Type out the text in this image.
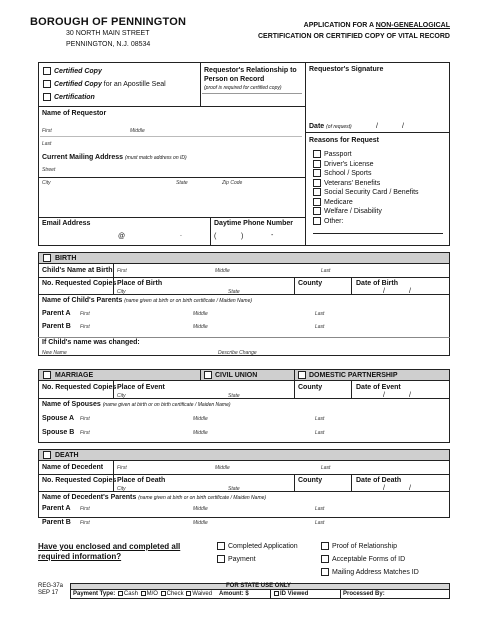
BOROUGH OF PENNINGTON
30 NORTH MAIN STREET
PENNINGTON, N.J. 08534
APPLICATION FOR A NON-GENEALOGICAL
CERTIFICATION OR CERTIFIED COPY OF VITAL RECORD
Certified Copy
Certified Copy for an Apostille Seal
Certification
Requestor's Relationship to Person on Record
(proof is required for certified copy)
Requestor's Signature
Date (of request)	/	/
Name of Requestor
First	Middle
Last
Current Mailing Address (must match address on ID)
Street
City	State	Zip Code
Email Address
@	.
Daytime Phone Number
(	)	-
Reasons for Request
Passport
Driver's License
School / Sports
Veterans' Benefits
Social Security Card / Benefits
Medicare
Welfare / Disability
Other:
BIRTH
Child's Name at Birth First	Middle	Last
No. Requested Copies Place of Birth
City	State
County	Date of Birth
/	/
Name of Child's Parents (name given at birth or on birth certificate / Maiden Name)
Parent A First	Middle	Last
Parent B First	Middle	Last
If Child's name was changed:
New Name	Describe Change
MARRIAGE	CIVIL UNION	DOMESTIC PARTNERSHIP
No. Requested Copies Place of Event
City	State
County	Date of Event
/	/
Name of Spouses (name given at birth or on birth certificate / Maiden Name)
Spouse A First	Middle	Last
Spouse B First	Middle	Last
DEATH
Name of Decedent	First	Middle	Last
No. Requested Copies Place of Death
City	State
County	Date of Death
/	/
Name of Decedent's Parents (name given at birth or on birth certificate / Maiden Name)
Parent A First	Middle	Last
Parent B First	Middle	Last
Have you enclosed and completed all
required information?
Completed Application
Payment
Proof of Relationship
Acceptable Forms of ID
Mailing Address Matches ID
REG-37a
SEP 17
FOR STATE USE ONLY
Payment Type: Cash M/O Check Waived Amount: $	ID Viewed	Processed By:
